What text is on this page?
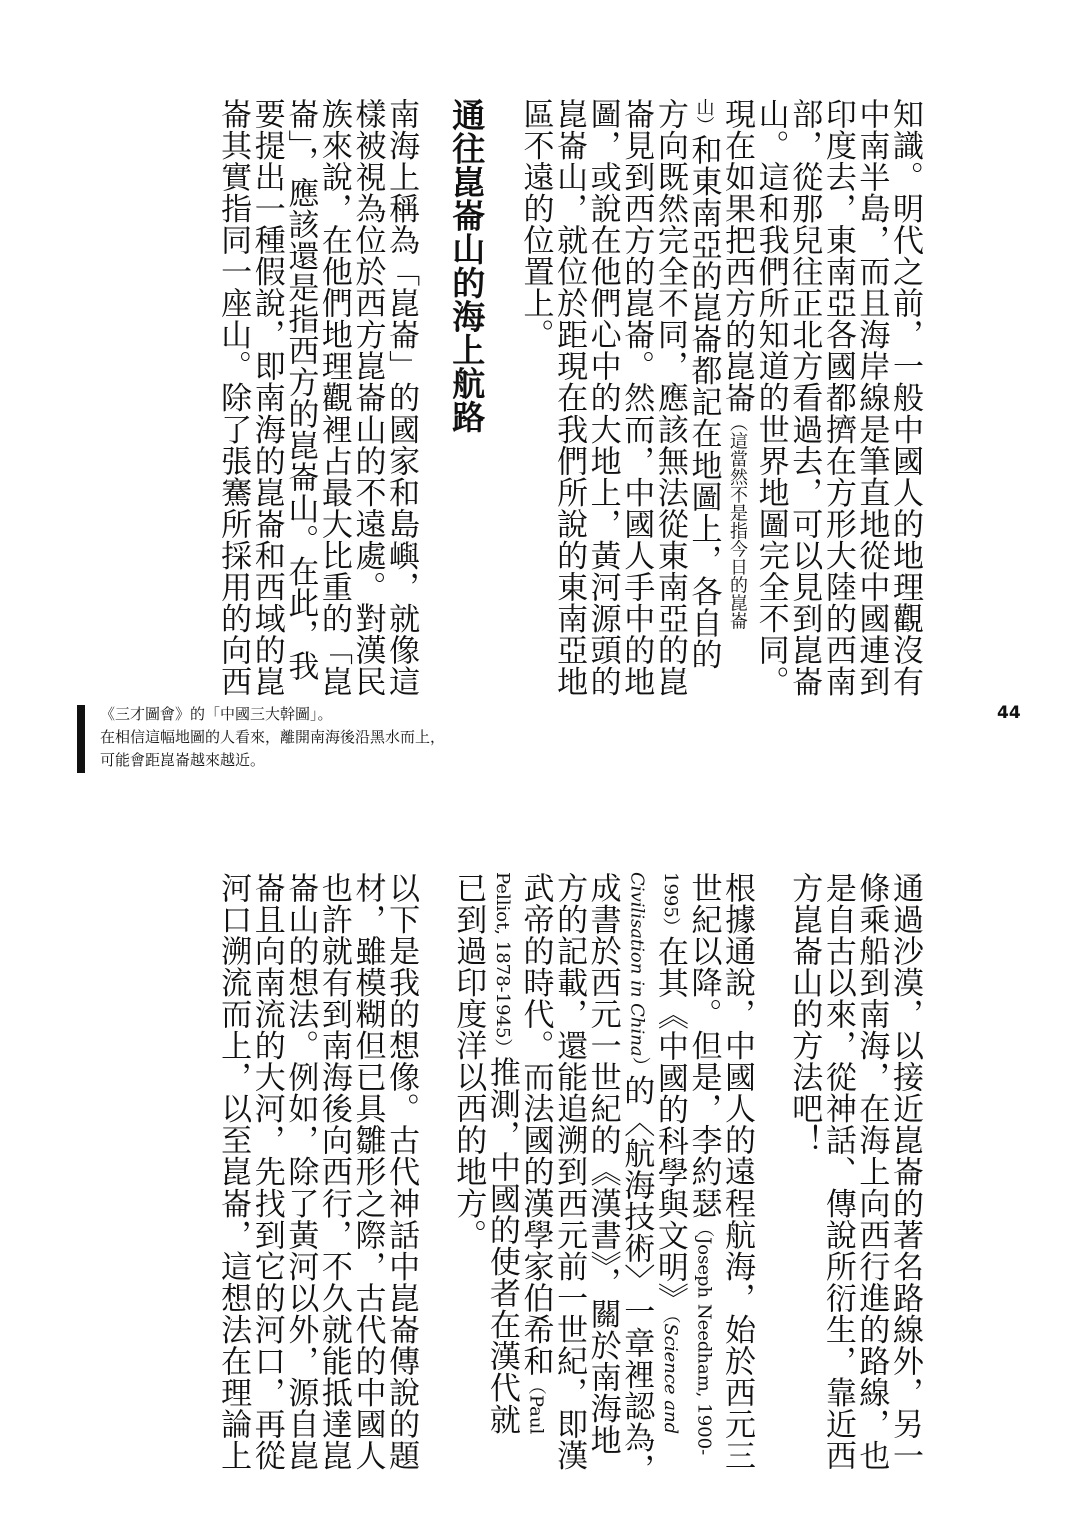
知識。明代之前，一般中國人的地理觀沒有
中南半島，而且海岸線是筆直地從中國連到
印度去，東南亞各國都擠在方形大陸的西南
部，從那兒往正北方看過去，可以見到崑崙
山。這和我們所知道的世界地圖完全不同。
現在如果把西方的崑崙（這當然不是指今日的崑崙
山）和東南亞的崑崙都記在地圖上，各自的
方向既然完全不同，應該無法從東南亞的崑
崙見到西方的崑崙。然而，中國人手中的地
圖，或說在他們心中的大地上，黃河源頭的
崑崙山，就位於距現在我們所說的東南亞地
區不遠的位置上。
通往崑崙山的海上航路
南海上稱為「崑崙」的國家和島嶼，就像這
樣被視為位於西方崑崙山的不遠處。對漢民
族來說，在他們地理觀裡占最大比重的「崑
崙」，應該還是指西方的崑崙山。在此，我
要提出一種假說，即南海的崑崙和西域的崑
崙其實指同一座山。除了張騫所採用的向西
《三才圖會》的「中國三大幹圖」。
在相信這幅地圖的人看來，離開南海後沿黑水而上，
可能會距崑崙越來越近。
44
通過沙漠，以接近崑崙的著名路線外，另一
條乘船到南海，在海上向西行進的路線，也
是自古以來，從神話、傳說所衍生，靠近西
方崑崙山的方法吧！
根據通說，中國人的遠程航海，始於西元三
世紀以降。但是，李約瑟（Joseph Needham, 1900-
1995）在其《中國的科學與文明》（Science and
Civilisation in China）的〈航海技術〉一章裡認為，
成書於西元一世紀的《漢書》，關於南海地
方的記載，還能追溯到西元前一世紀，即漢
武帝的時代。而法國的漢學家伯希和（Paul
Pelliot, 1878-1945）推測，中國的使者在漢代就
已到過印度洋以西的地方。
以下是我的想像。古代神話中崑崙傳說的題
材，雖模糊但已具雛形之際，古代的中國人
也許就有到南海後向西行，不久就能抵達崑
崙山的想法。例如，除了黃河以外，源自崑
崙且向南流的大河，先找到它的河口，再從
河口溯流而上，以至崑崙，這想法在理論上
